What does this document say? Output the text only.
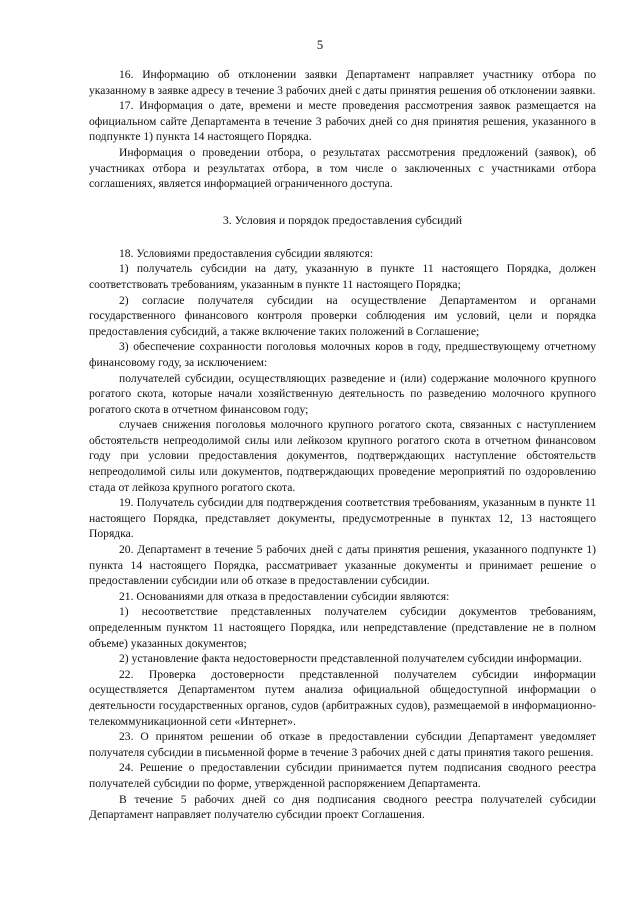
5

16. Информацию об отклонении заявки Департамент направляет участнику отбора по указанному в заявке адресу в течение 3 рабочих дней с даты принятия решения об отклонении заявки.

17. Информация о дате, времени и месте проведения рассмотрения заявок размещается на официальном сайте Департамента в течение 3 рабочих дней со дня принятия решения, указанного в подпункте 1) пункта 14 настоящего Порядка.

Информация о проведении отбора, о результатах рассмотрения предложений (заявок), об участниках отбора и результатах отбора, в том числе о заключенных с участниками отбора соглашениях, является информацией ограниченного доступа.

3. Условия и порядок предоставления субсидий

18. Условиями предоставления субсидии являются:

1) получатель субсидии на дату, указанную в пункте 11 настоящего Порядка, должен соответствовать требованиям, указанным в пункте 11 настоящего Порядка;

2) согласие получателя субсидии на осуществление Департаментом и органами государственного финансового контроля проверки соблюдения им условий, цели и порядка предоставления субсидий, а также включение таких положений в Соглашение;

3) обеспечение сохранности поголовья молочных коров в году, предшествующему отчетному финансовому году, за исключением:

получателей субсидии, осуществляющих разведение и (или) содержание молочного крупного рогатого скота, которые начали хозяйственную деятельность по разведению молочного крупного рогатого скота в отчетном финансовом году;

случаев снижения поголовья молочного крупного рогатого скота, связанных с наступлением обстоятельств непреодолимой силы или лейкозом крупного рогатого скота в отчетном финансовом году при условии предоставления документов, подтверждающих наступление обстоятельств непреодолимой силы или документов, подтверждающих проведение мероприятий по оздоровлению стада от лейкоза крупного рогатого скота.

19. Получатель субсидии для подтверждения соответствия требованиям, указанным в пункте 11 настоящего Порядка, представляет документы, предусмотренные в пунктах 12, 13 настоящего Порядка.

20. Департамент в течение 5 рабочих дней с даты принятия решения, указанного подпункте 1) пункта 14 настоящего Порядка, рассматривает указанные документы и принимает решение о предоставлении субсидии или об отказе в предоставлении субсидии.

21. Основаниями для отказа в предоставлении субсидии являются:

1) несоответствие представленных получателем субсидии документов требованиям, определенным пунктом 11 настоящего Порядка, или непредставление (представление не в полном объеме) указанных документов;

2) установление факта недостоверности представленной получателем субсидии информации.

22. Проверка достоверности представленной получателем субсидии информации осуществляется Департаментом путем анализа официальной общедоступной информации о деятельности государственных органов, судов (арбитражных судов), размещаемой в информационно-телекоммуникационной сети «Интернет».

23. О принятом решении об отказе в предоставлении субсидии Департамент уведомляет получателя субсидии в письменной форме в течение 3 рабочих дней с даты принятия такого решения.

24. Решение о предоставлении субсидии принимается путем подписания сводного реестра получателей субсидии по форме, утвержденной распоряжением Департамента.

В течение 5 рабочих дней со дня подписания сводного реестра получателей субсидии Департамент направляет получателю субсидии проект Соглашения.
